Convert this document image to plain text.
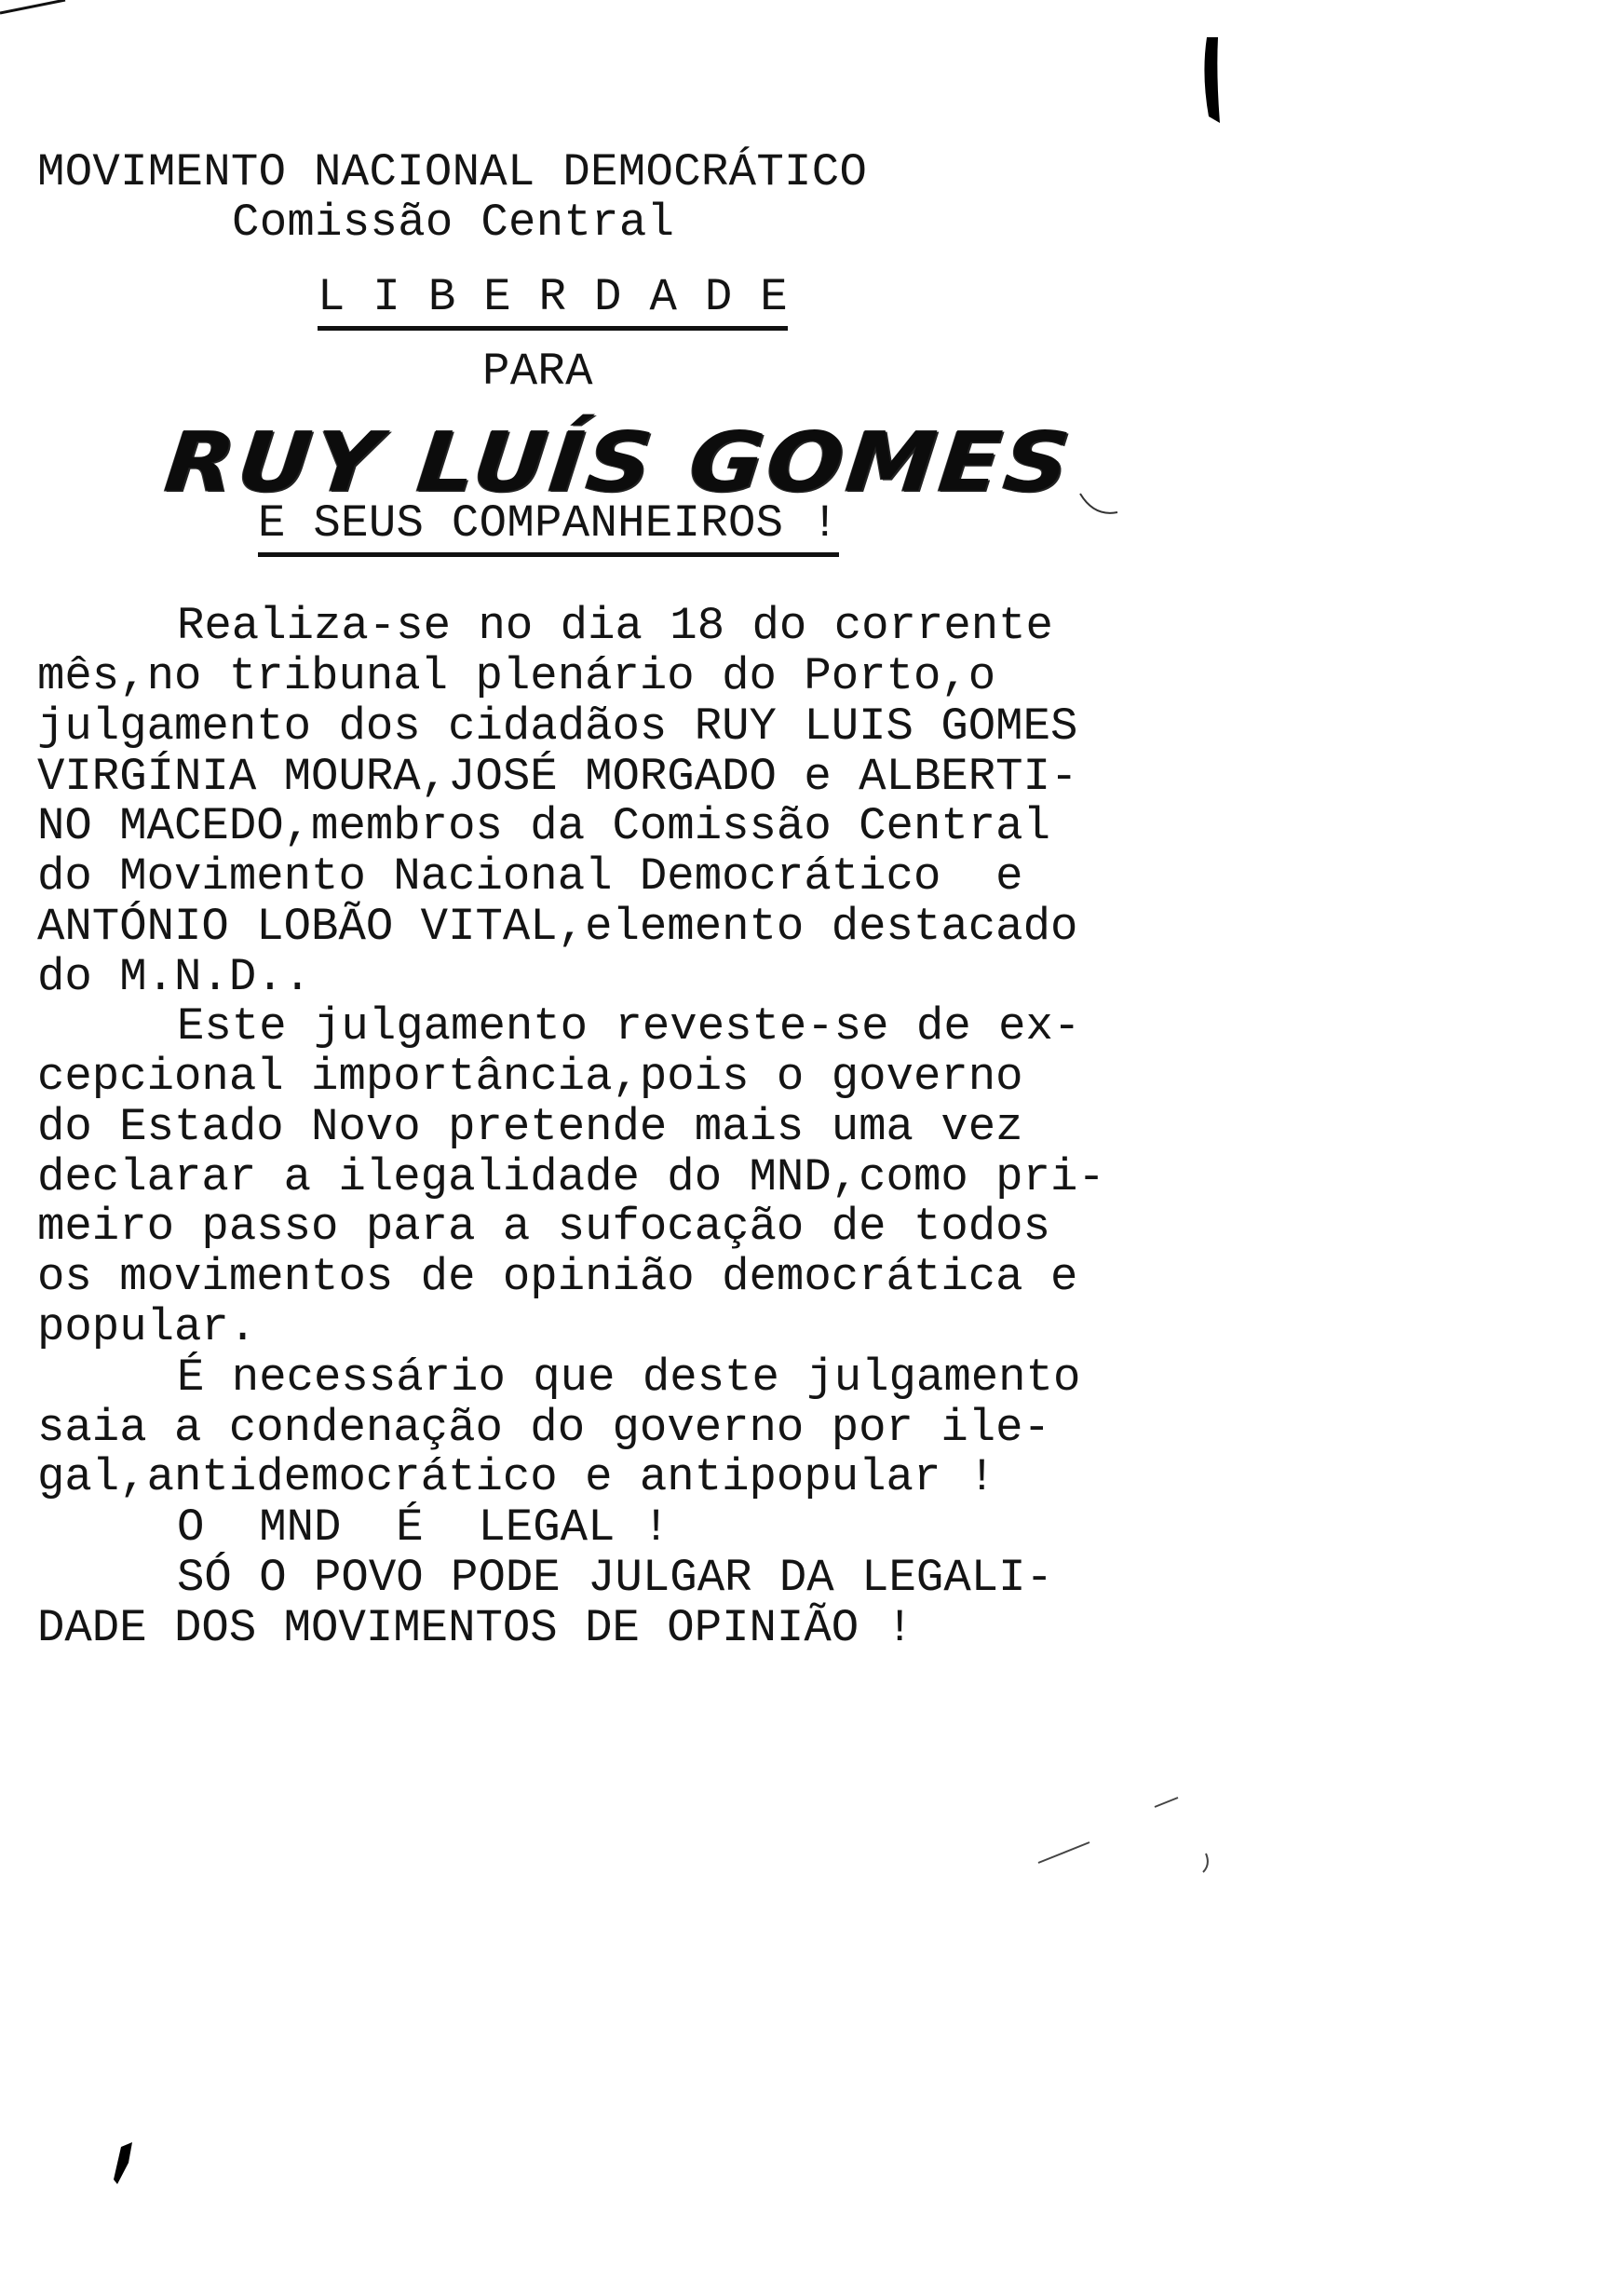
MOVIMENTO NACIONAL DEMOCRÁTICO
Comissão Central
L I B E R D A D E
PARA
RUY LUÍS GOMES
E SEUS COMPANHEIROS !
Realiza-se no dia 18 do corrente
mês,no tribunal plenário do Porto,o
julgamento dos cidadãos RUY LUIS GOMES
VIRGÍNIA MOURA,JOSÉ MORGADO e ALBERTI-
NO MACEDO,membros da Comissão Central
do Movimento Nacional Democrático  e
ANTÓNIO LOBÃO VITAL,elemento destacado
do M.N.D..
Este julgamento reveste-se de ex-
cepcional importância,pois o governo
do Estado Novo pretende mais uma vez
declarar a ilegalidade do MND,como pri-
meiro passo para a sufocação de todos
os movimentos de opinião democrática e
popular.
É necessário que deste julgamento
saia a condenação do governo por ile-
gal,antidemocrático e antipopular !
O  MND  É  LEGAL !
SÓ O POVO PODE JULGAR DA LEGALI-
DADE DOS MOVIMENTOS DE OPINIÃO !
